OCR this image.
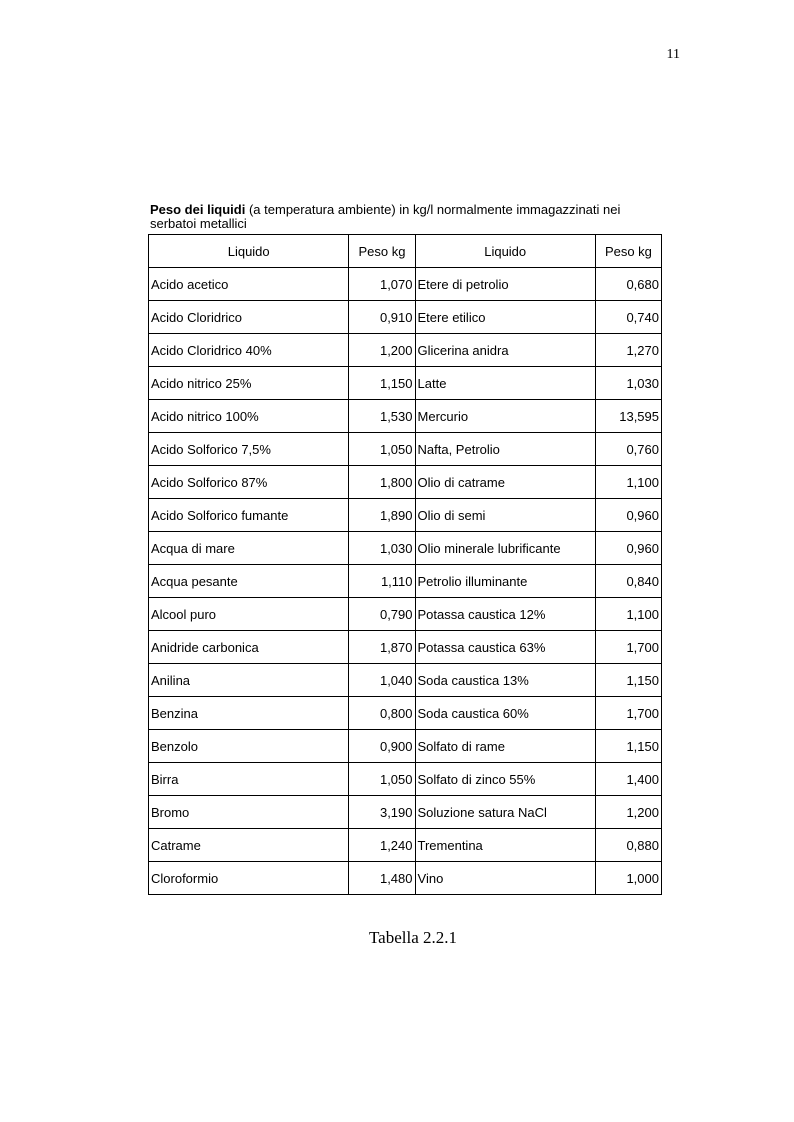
11
Peso dei liquidi (a temperatura ambiente) in kg/l normalmente immagazzinati nei serbatoi metallici
Liquido	Peso kg	Liquido	Peso kg
Acido acetico	1,070	Etere di petrolio	0,680
Acido Cloridrico	0,910	Etere etilico	0,740
Acido Cloridrico 40%	1,200	Glicerina anidra	1,270
Acido nitrico 25%	1,150	Latte	1,030
Acido nitrico 100%	1,530	Mercurio	13,595
Acido Solforico 7,5%	1,050	Nafta, Petrolio	0,760
Acido Solforico 87%	1,800	Olio di catrame	1,100
Acido Solforico fumante	1,890	Olio di semi	0,960
Acqua di mare	1,030	Olio minerale lubrificante	0,960
Acqua pesante	1,110	Petrolio illuminante	0,840
Alcool puro	0,790	Potassa caustica 12%	1,100
Anidride carbonica	1,870	Potassa caustica 63%	1,700
Anilina	1,040	Soda caustica 13%	1,150
Benzina	0,800	Soda caustica 60%	1,700
Benzolo	0,900	Solfato di rame	1,150
Birra	1,050	Solfato di zinco 55%	1,400
Bromo	3,190	Soluzione satura NaCl	1,200
Catrame	1,240	Trementina	0,880
Cloroformio	1,480	Vino	1,000
Tabella 2.2.1
